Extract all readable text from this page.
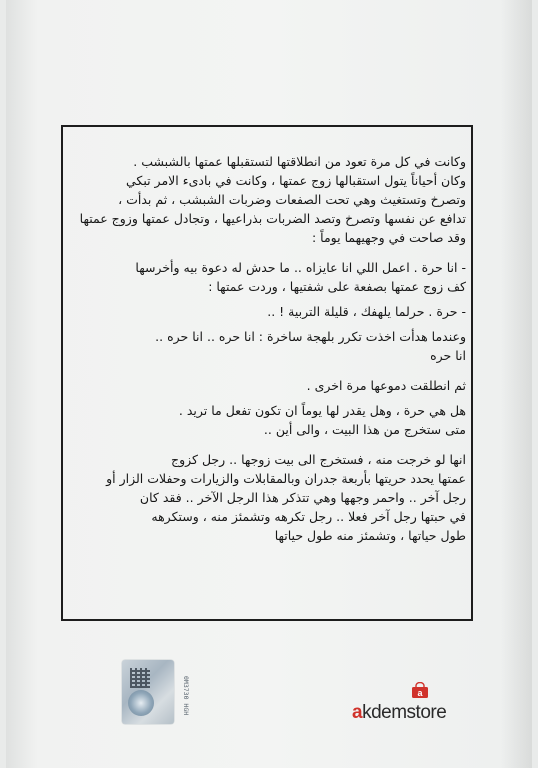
وكانت في كل مرة تعود من انطلاقتها لتستقبلها عمتها بالشبشب .

وكان أحياناً يتول استقبالها زوج عمتها ، وكانت في بادىء الامر تبكي

وتصرخ وتستغيث وهي تحت الصفعات وضربات الشبشب ، ثم بدأت ،

تدافع عن نفسها وتصرخ وتصد الضربات بذراعيها ، وتجادل عمتها وزوج عمتها

وقد صاحت في وجهيهما يوماً :

- انا حرة . اعمل اللي انا عايزاه .. ما حدش له دعوة بيه وأخرسها

كف زوج عمتها بصفعة على شفتيها ، وردت عمتها :

- حرة . حرلما يلهفك ، قليلة التربية ! ..

وعندما هدأت اخذت تكرر بلهجة ساخرة : انا حره .. انا حره ..

انا حره

ثم انطلقت دموعها مرة اخرى .

هل هي حرة ، وهل يقدر لها يوماً ان تكون تفعل ما تريد .

متى ستخرج من هذا البيت ، والى أين ..

انها لو خرجت منه ، فستخرج الى بيت زوجها .. رجل كزوج

عمتها يحدد حريتها بأربعة جدران وبالمقابلات والزيارات وحفلات الزار أو

رجل آخر .. واحمر وجهها وهي تتذكر هذا الرجل الآخر .. فقد كان

في حبتها رجل آخر فعلا .. رجل تكرهه وتشمئز منه ، وستكرهه

طول حياتها ، وتشمئز منه طول حياتها

0M3730 HGH
a
akdemstore
